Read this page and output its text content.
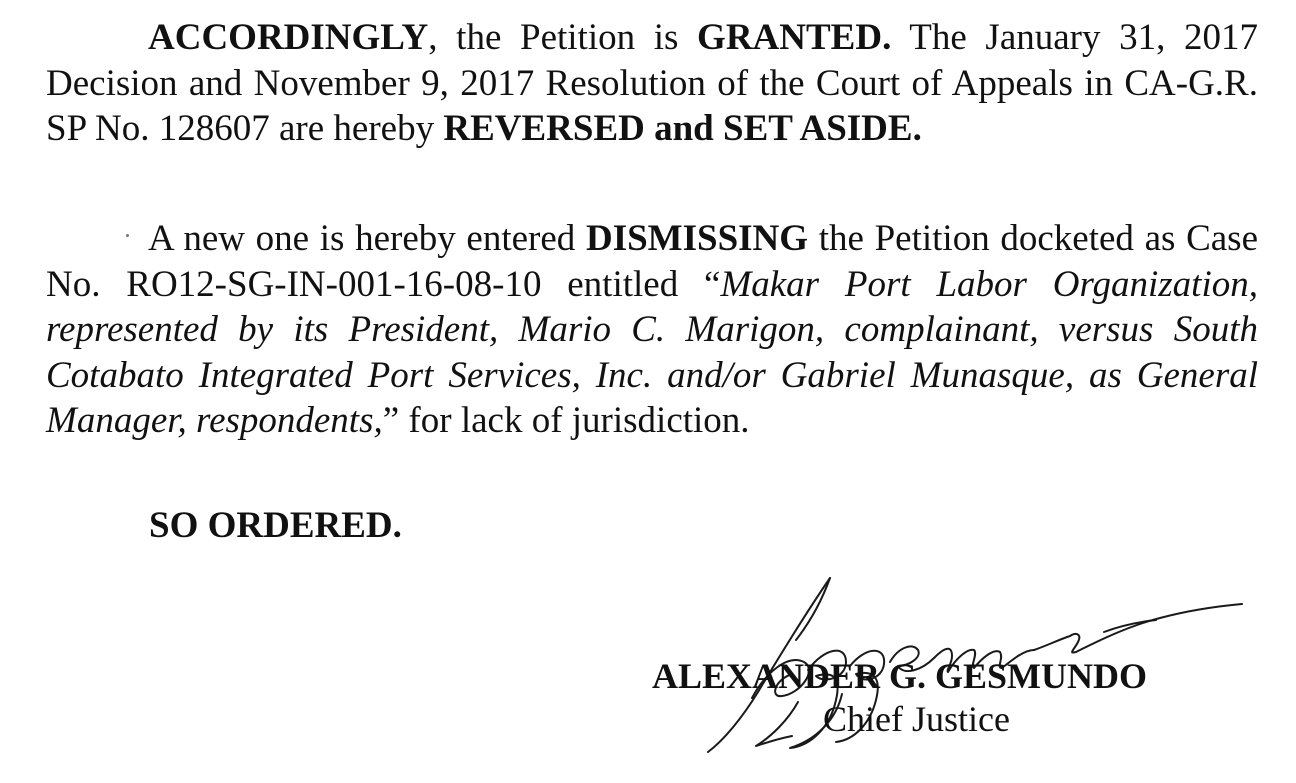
ACCORDINGLY, the Petition is GRANTED. The January 31, 2017 Decision and November 9, 2017 Resolution of the Court of Appeals in CA-G.R. SP No. 128607 are hereby REVERSED and SET ASIDE.

A new one is hereby entered DISMISSING the Petition docketed as Case No. RO12-SG-IN-001-16-08-10 entitled “Makar Port Labor Organization, represented by its President, Mario C. Marigon, complainant, versus South Cotabato Integrated Port Services, Inc. and/or Gabriel Munasque, as General Manager, respondents,” for lack of jurisdiction.

SO ORDERED.

ALEXANDER G. GESMUNDO

Chief Justice
